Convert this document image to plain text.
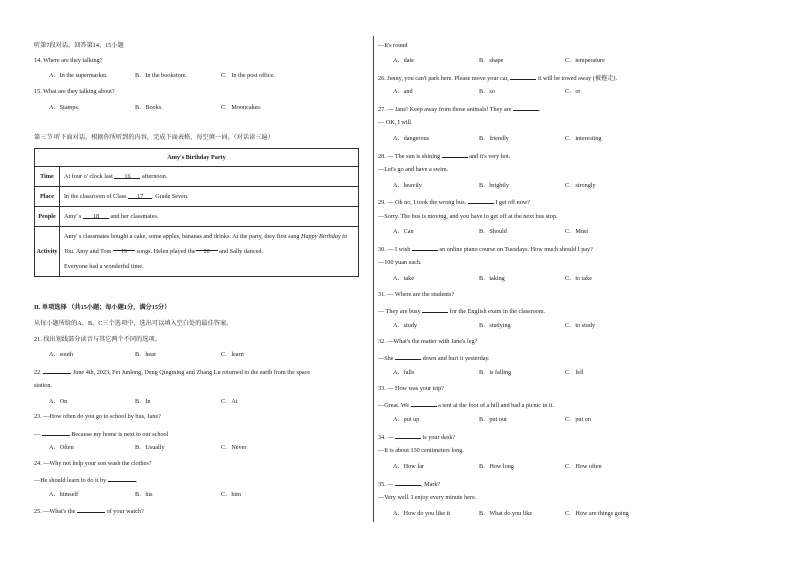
听第7段对话，回答第14、15小题
14. Where are they talking?
A．In the supermarket.	B．In the bookstore.	C．In the post office.
15. What are they talking about?
A．Stamps.	B．Books.	C．Mooncakes.
第三节 听下面对话，根据你所听到的内容，完成下面表格，每空填一词。（对话读三遍）
Amy's Birthday Party	
Time	At four o' clock last 16 afternoon.
Place	In the classroom of Class 17 . Grade Seven.
People	Amy' s 18 and her classmates.
Activity	Amy' s classmates bought a cake, some apples, bananas and drinks. At the party, they first sang Happy Birthday to You. Amy and Tom 19 songs. Helen played the 20 and Sally danced.
Everyone had a wonderful time.
II. 单项选择 （共15小题；每小题1分，满分15分）
从每小题所给的A、B、C三个选项中，选出可以填入空白处的最佳答案。
21. 找出划线部分读音与其它两个不同的选项。
A．south	B．hear	C．learn
22.	June 4th, 2023, Fei Junlong, Deng Qingming and Zhang Lu returned to the earth from the space
station.
A．On	B．In	C．At
23. —How often do you go to school by bus, Jane?
—	Because my home is next to our school
A．Often	B．Usually	C．Never
24. —Why not help your son wash the clothes?
—He should learn to do it by	.
A．himself	B．his	C．him
25. —What's the	of your watch?
—It's round
A．date	B．shape	C．temperature
26. Jenny, you can't park here. Please move your car,	it will be towed away (被拖走).
A．and	B．so	C．or
27. — Jane! Keep away from those animals! They are	.
— OK, I will.
A．dangerous	B．friendly	C．interesting
28. — The sun is shining	and it's very hot.
—Let's go and have a swim.
A．heavily	B．brightly	C．strongly
29. — Oh no, I took the wrong bus.	I get off now?
—Sorry. The bus is moving, and you have to get off at the next bus stop.
A．Can	B．Should	C．Must
30. — I wish	an online piano course on Tuesdays. How much should I pay?
—100 yuan each.
A．take	B．taking	C．to take
31. — Where are the students?
— They are busy	for the English exam in the classroom.
A．study	B．studying	C．to study
32. —What's the matter with Jane's leg?
—She	down and hurt it yesterday.
A．falls	B．is falling	C．fell
33. — How was your trip?
—Great. We	a tent at the foot of a hill and had a picnic in it.
A．put up	B．put out	C．put on
34. —	is your desk?
—It is about 130 centimeters long.
A．How far	B．How long	C．How often
35. —	, Mark?
—Very well. I enjoy every minute here.
A．How do you like it	B．What do you like	C．How are things going
